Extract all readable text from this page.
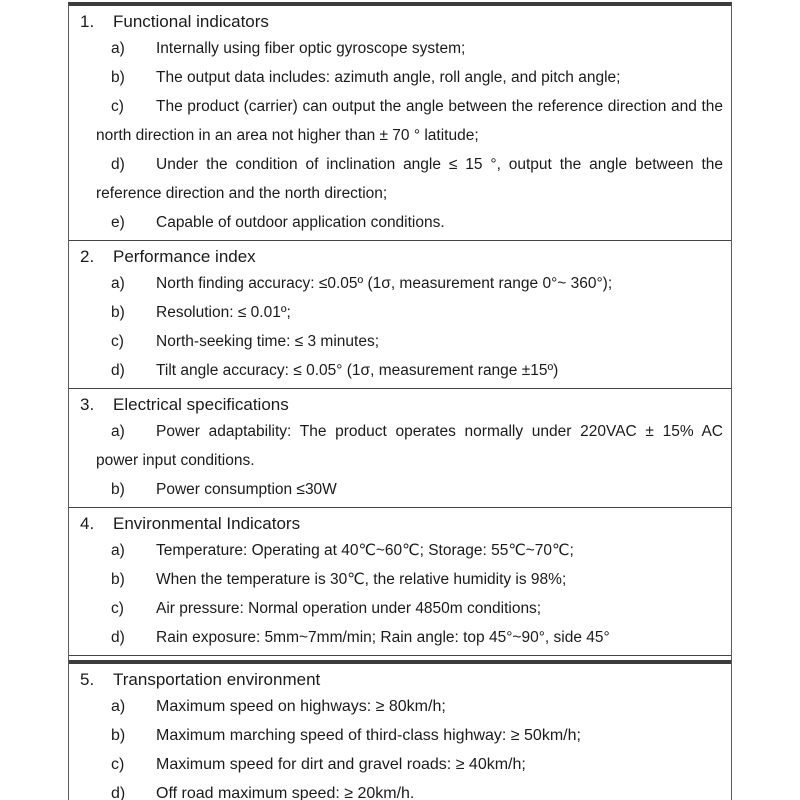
1. Functional indicators

a) Internally using fiber optic gyroscope system;

b) The output data includes: azimuth angle, roll angle, and pitch angle;

c) The product (carrier) can output the angle between the reference direction and the north direction in an area not higher than ± 70 ° latitude;

d) Under the condition of inclination angle ≤ 15 °, output the angle between the reference direction and the north direction;

e) Capable of outdoor application conditions.

2. Performance index

a) North finding accuracy: ≤0.05º (1σ, measurement range 0°~ 360°);

b) Resolution: ≤ 0.01º;

c) North-seeking time: ≤ 3 minutes;

d) Tilt angle accuracy: ≤ 0.05° (1σ, measurement range ±15º)

3. Electrical specifications

a) Power adaptability: The product operates normally under 220VAC ± 15% AC power input conditions.

b) Power consumption ≤30W

4. Environmental Indicators

a) Temperature: Operating at 40℃~60℃; Storage: 55℃~70℃;

b) When the temperature is 30℃, the relative humidity is 98%;

c) Air pressure: Normal operation under 4850m conditions;

d) Rain exposure: 5mm~7mm/min; Rain angle: top 45°~90°, side 45°

5. Transportation environment

a) Maximum speed on highways: ≥ 80km/h;

b) Maximum marching speed of third-class highway: ≥ 50km/h;

c) Maximum speed for dirt and gravel roads: ≥ 40km/h;

d) Off road maximum speed: ≥ 20km/h.
